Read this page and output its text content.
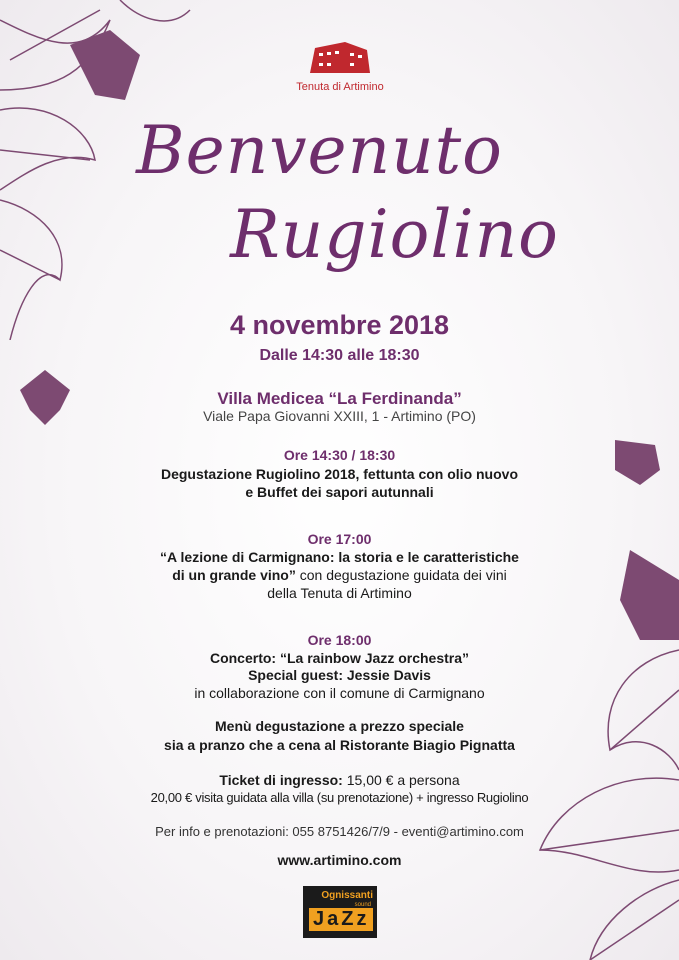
Tenuta di Artimino
Benvenuto
Rugiolino
4 novembre 2018
Dalle 14:30 alle 18:30
Villa Medicea “La Ferdinanda”
Viale Papa Giovanni XXIII, 1 - Artimino (PO)
Ore 14:30 / 18:30
Degustazione Rugiolino 2018, fettunta con olio nuovo
e Buffet dei sapori autunnali
Ore 17:00
“A lezione di Carmignano: la storia e le caratteristiche
di un grande vino” con degustazione guidata dei vini
della Tenuta di Artimino
Ore 18:00
Concerto: “La rainbow Jazz orchestra”
Special guest: Jessie Davis
in collaborazione con il comune di Carmignano
Menù degustazione a prezzo speciale
sia a pranzo che a cena al Ristorante Biagio Pignatta
Ticket di ingresso: 15,00 € a persona
20,00 € visita guidata alla villa (su prenotazione) + ingresso Rugiolino
Per info e prenotazioni: 055 8751426/7/9 - eventi@artimino.com
www.artimino.com
Ognissanti
sound
JaZz
